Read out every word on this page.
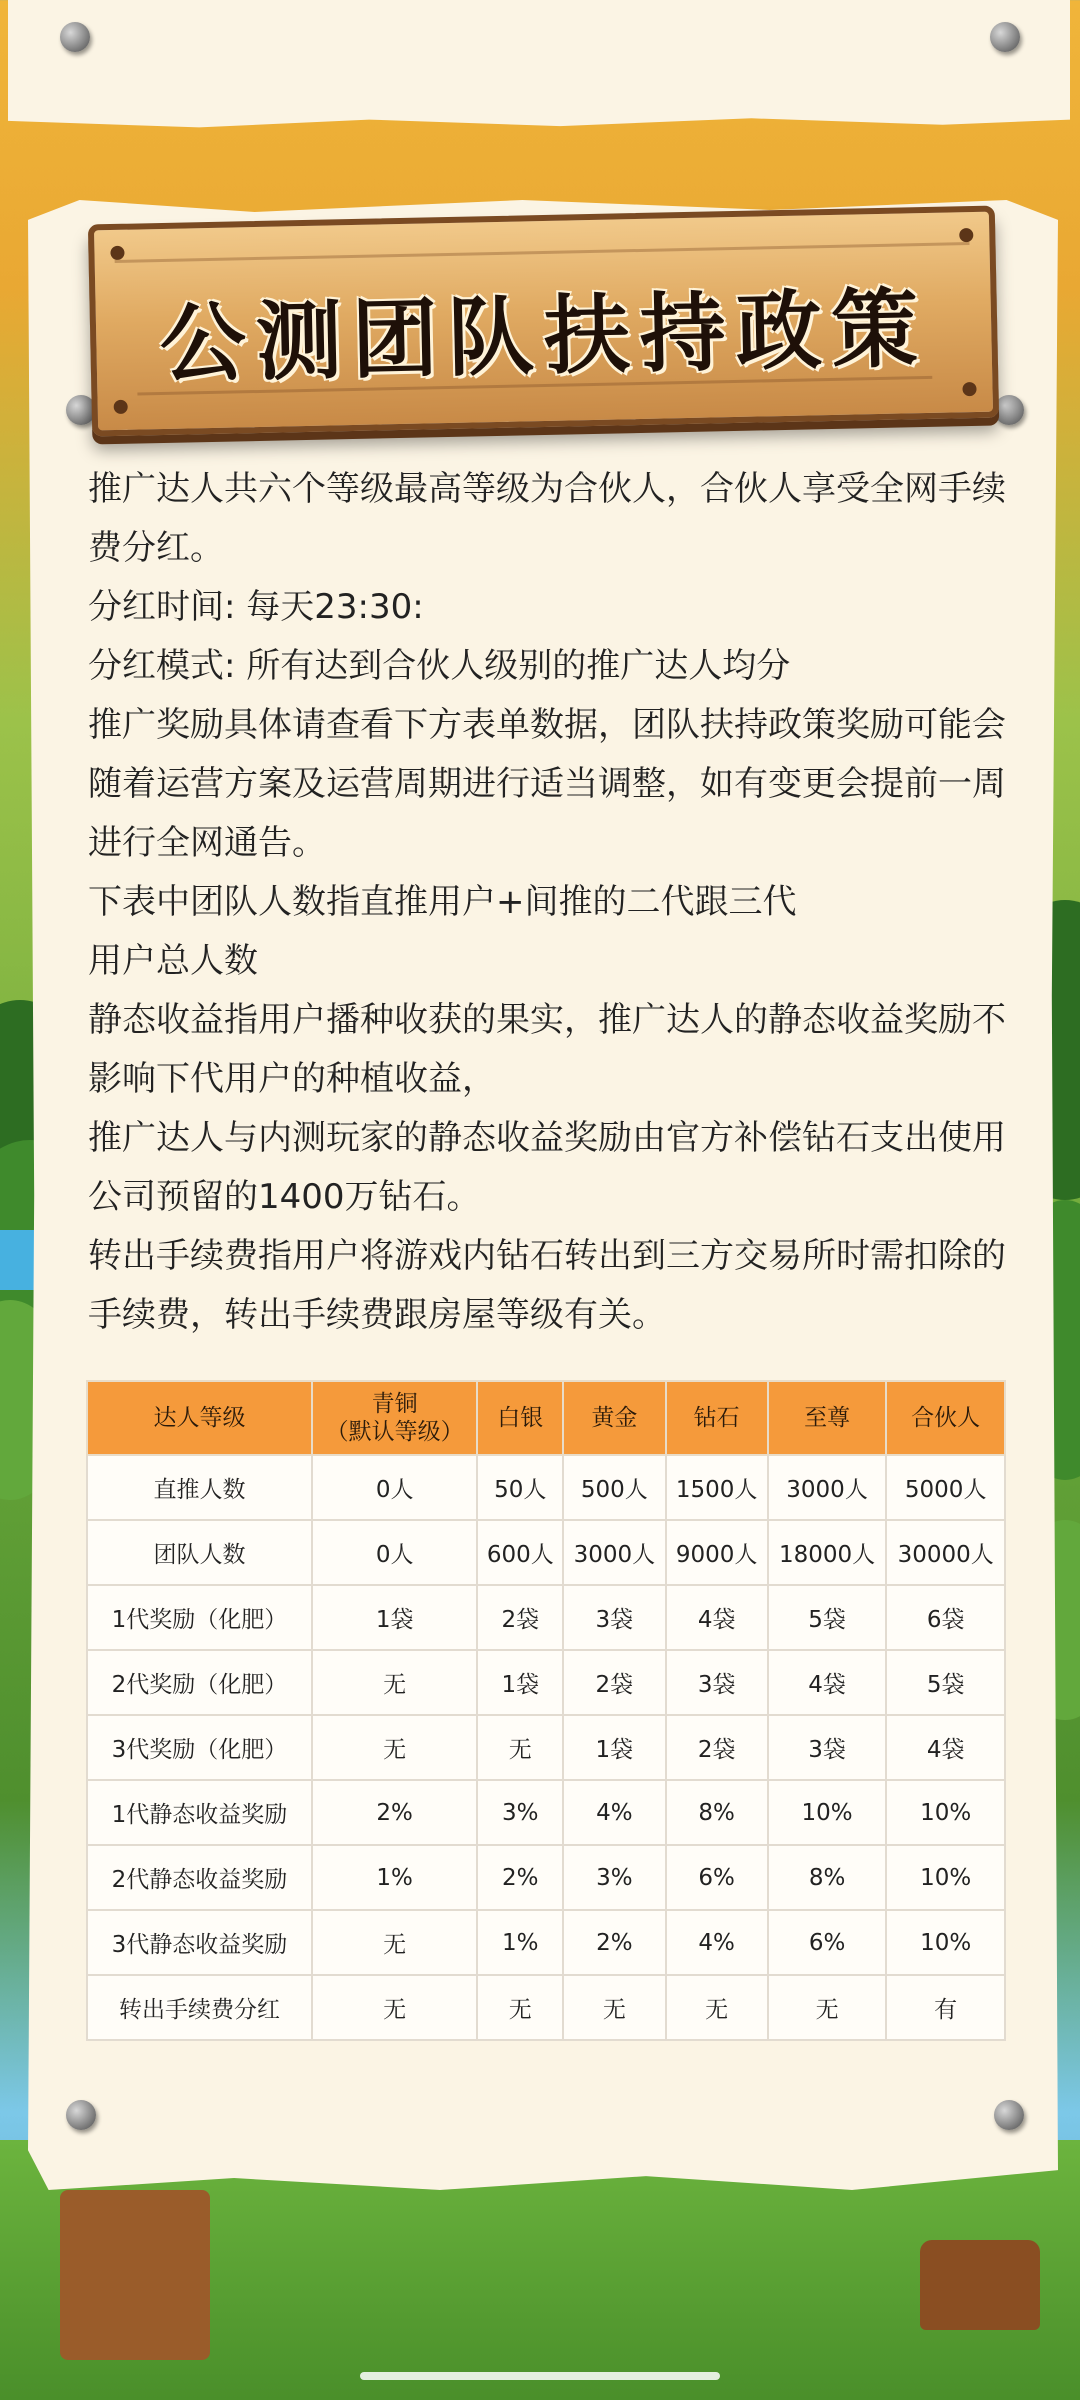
公测团队扶持政策

推广达人共六个等级最高等级为合伙人，合伙人享受全网手续费分红。

分红时间: 每天23:30:

分红模式: 所有达到合伙人级别的推广达人均分

推广奖励具体请查看下方表单数据，团队扶持政策奖励可能会随着运营方案及运营周期进行适当调整，如有变更会提前一周进行全网通告。

下表中团队人数指直推用户+间推的二代跟三代用户总人数

静态收益指用户播种收获的果实，推广达人的静态收益奖励不影响下代用户的种植收益，

推广达人与内测玩家的静态收益奖励由官方补偿钻石支出使用公司预留的1400万钻石。

转出手续费指用户将游戏内钻石转出到三方交易所时需扣除的手续费，转出手续费跟房屋等级有关。

达人等级	青铜
（默认等级）	白银	黄金	钻石	至尊	合伙人
直推人数	0人	50人	500人	1500人	3000人	5000人
团队人数	0人	600人	3000人	9000人	18000人	30000人
1代奖励（化肥）	1袋	2袋	3袋	4袋	5袋	6袋
2代奖励（化肥）	无	1袋	2袋	3袋	4袋	5袋
3代奖励（化肥）	无	无	1袋	2袋	3袋	4袋
1代静态收益奖励	2%	3%	4%	8%	10%	10%
2代静态收益奖励	1%	2%	3%	6%	8%	10%
3代静态收益奖励	无	1%	2%	4%	6%	10%
转出手续费分红	无	无	无	无	无	有
